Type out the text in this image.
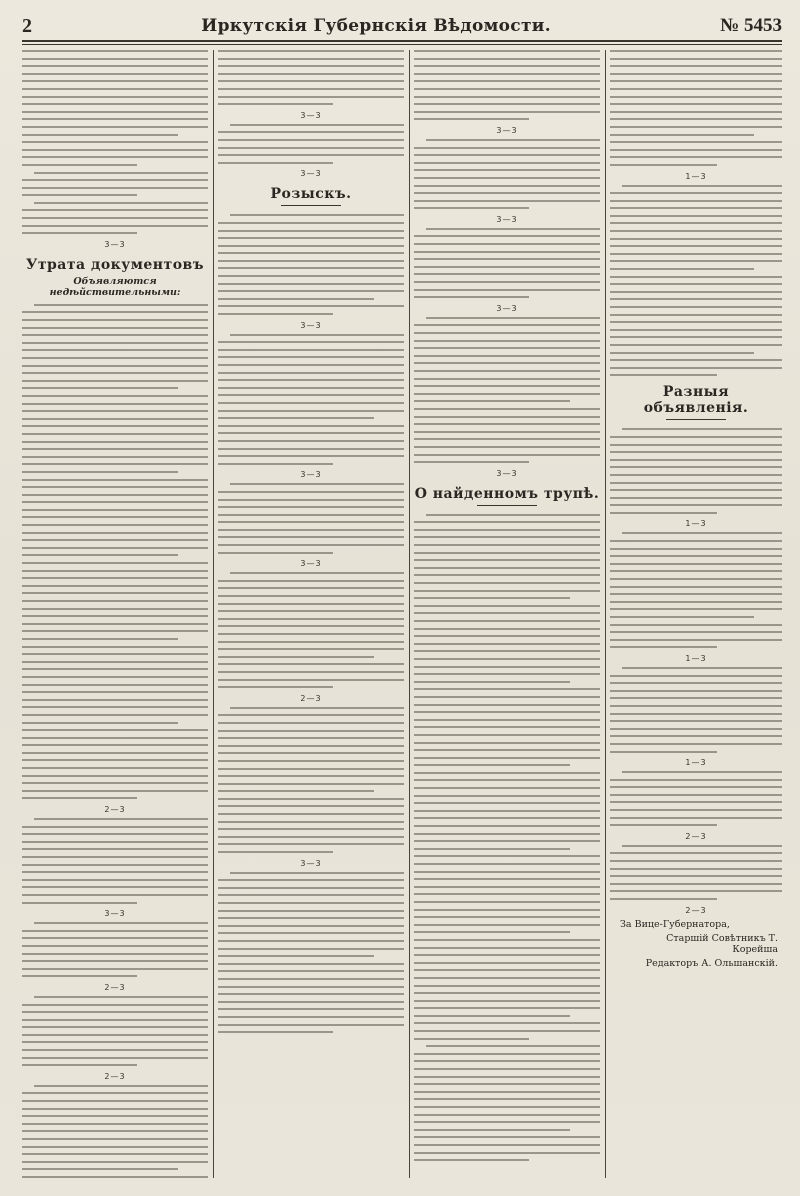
2	Иркутскія Губернскія Вѣдомости.	№ 5453
3—3
Утрата документовъ
Объявляются недѣйствительными:
2—3
3—3
2—3
2—3
3—3
3—3
Розыскъ.
3—3
3—3
3—3
2—3
3—3
3—3
3—3
3—3
3—3
О найденномъ трупѣ.
1—3
Разныя объявленія.
1—3
1—3
1—3
2—3
2—3
За Вице-Губернатора,
Старшій Совѣтникъ Т. Корейша
Редакторъ А. Ольшанскій.
